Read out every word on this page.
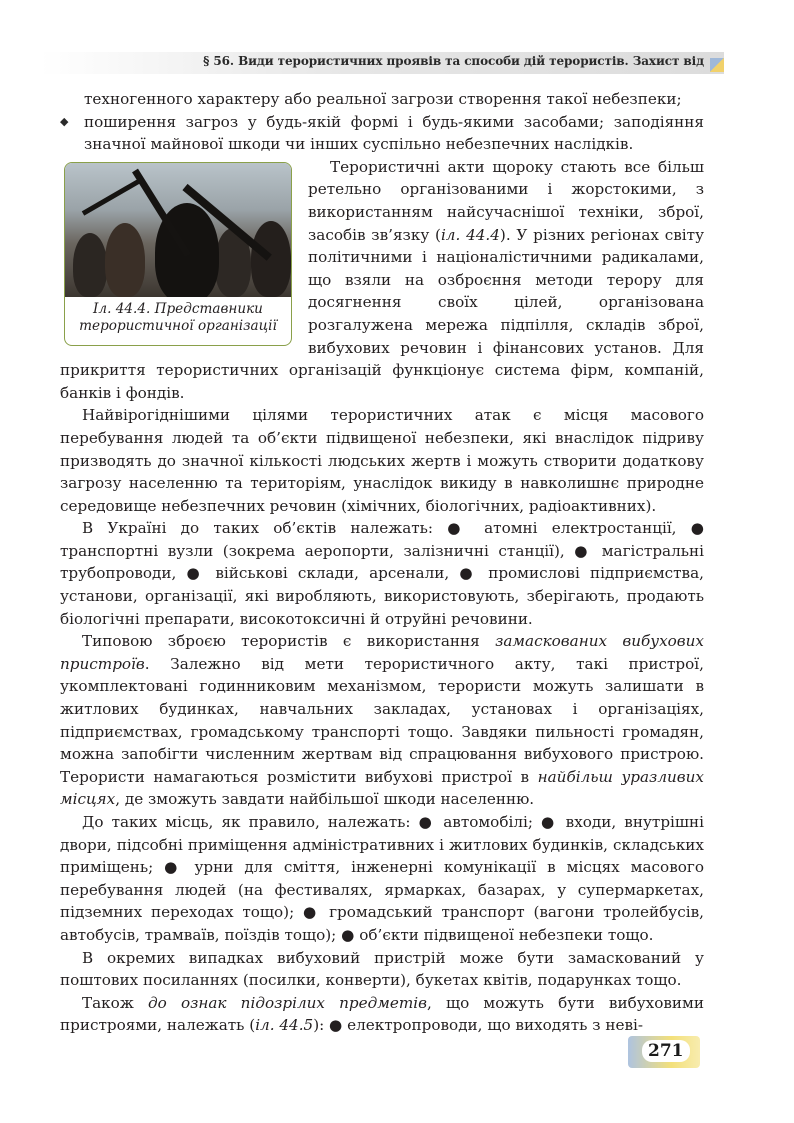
§ 56. Види терористичних проявів та способи дій терористів. Захист від

техногенного характеру або реальної загрози створення такої небезпеки;

◆ поширення загроз у будь-якій формі і будь-якими засобами; заподіяння значної майнової шкоди чи інших суспільно небезпечних наслідків.

Іл. 44.4. Представники терористичної організації

Терористичні акти щороку стають все більш ретельно організованими і жорстокими, з використанням найсучаснішої техніки, зброї, засобів зв’язку (іл. 44.4). У різних регіонах світу політичними і націоналістичними радикалами, що взяли на озброєння методи терору для досягнення своїх цілей, організована розгалужена мережа підпілля, складів зброї, вибухових речовин і фінансових установ. Для прикриття терористичних організацій функціонує система фірм, компаній, банків і фондів.

Найвірогіднішими цілями терористичних атак є місця масового перебування людей та об’єкти підвищеної небезпеки, які внаслідок підриву призводять до значної кількості людських жертв і можуть створити додаткову загрозу населенню та територіям, унаслідок викиду в навколишнє природне середовище небезпечних речовин (хімічних, біологічних, радіоактивних).

В Україні до таких об’єктів належать: ● атомні електростанції, ● транспортні вузли (зокрема аеропорти, залізничні станції), ● магістральні трубопроводи, ● військові склади, арсенали, ● промислові підприємства, установи, організації, які виробляють, використовують, зберігають, продають біологічні препарати, високотоксичні й отруйні речовини.

Типовою зброєю терористів є використання замаскованих вибухових пристроїв. Залежно від мети терористичного акту, такі пристрої, укомплектовані годинниковим механізмом, терористи можуть залишати в житлових будинках, навчальних закладах, установах і організаціях, підприємствах, громадському транспорті тощо. Завдяки пильності громадян, можна запобігти численним жертвам від спрацювання вибухового пристрою. Терористи намагаються розмістити вибухові пристрої в найбільш уразливих місцях, де зможуть завдати найбільшої шкоди населенню.

До таких місць, як правило, належать: ● автомобілі; ● входи, внутрішні двори, підсобні приміщення адміністративних і житлових будинків, складських приміщень; ● урни для сміття, інженерні комунікації в місцях масового перебування людей (на фестивалях, ярмарках, базарах, у супермаркетах, підземних переходах тощо); ● громадський транспорт (вагони тролейбусів, автобусів, трамваїв, поїздів тощо); ● об’єкти підвищеної небезпеки тощо.

В окремих випадках вибуховий пристрій може бути замаскований у поштових посиланнях (посилки, конверти), букетах квітів, подарунках тощо.

Також до ознак підозрілих предметів, що можуть бути вибуховими пристроями, належать (іл. 44.5): ● електропроводи, що виходять з неві-

271
